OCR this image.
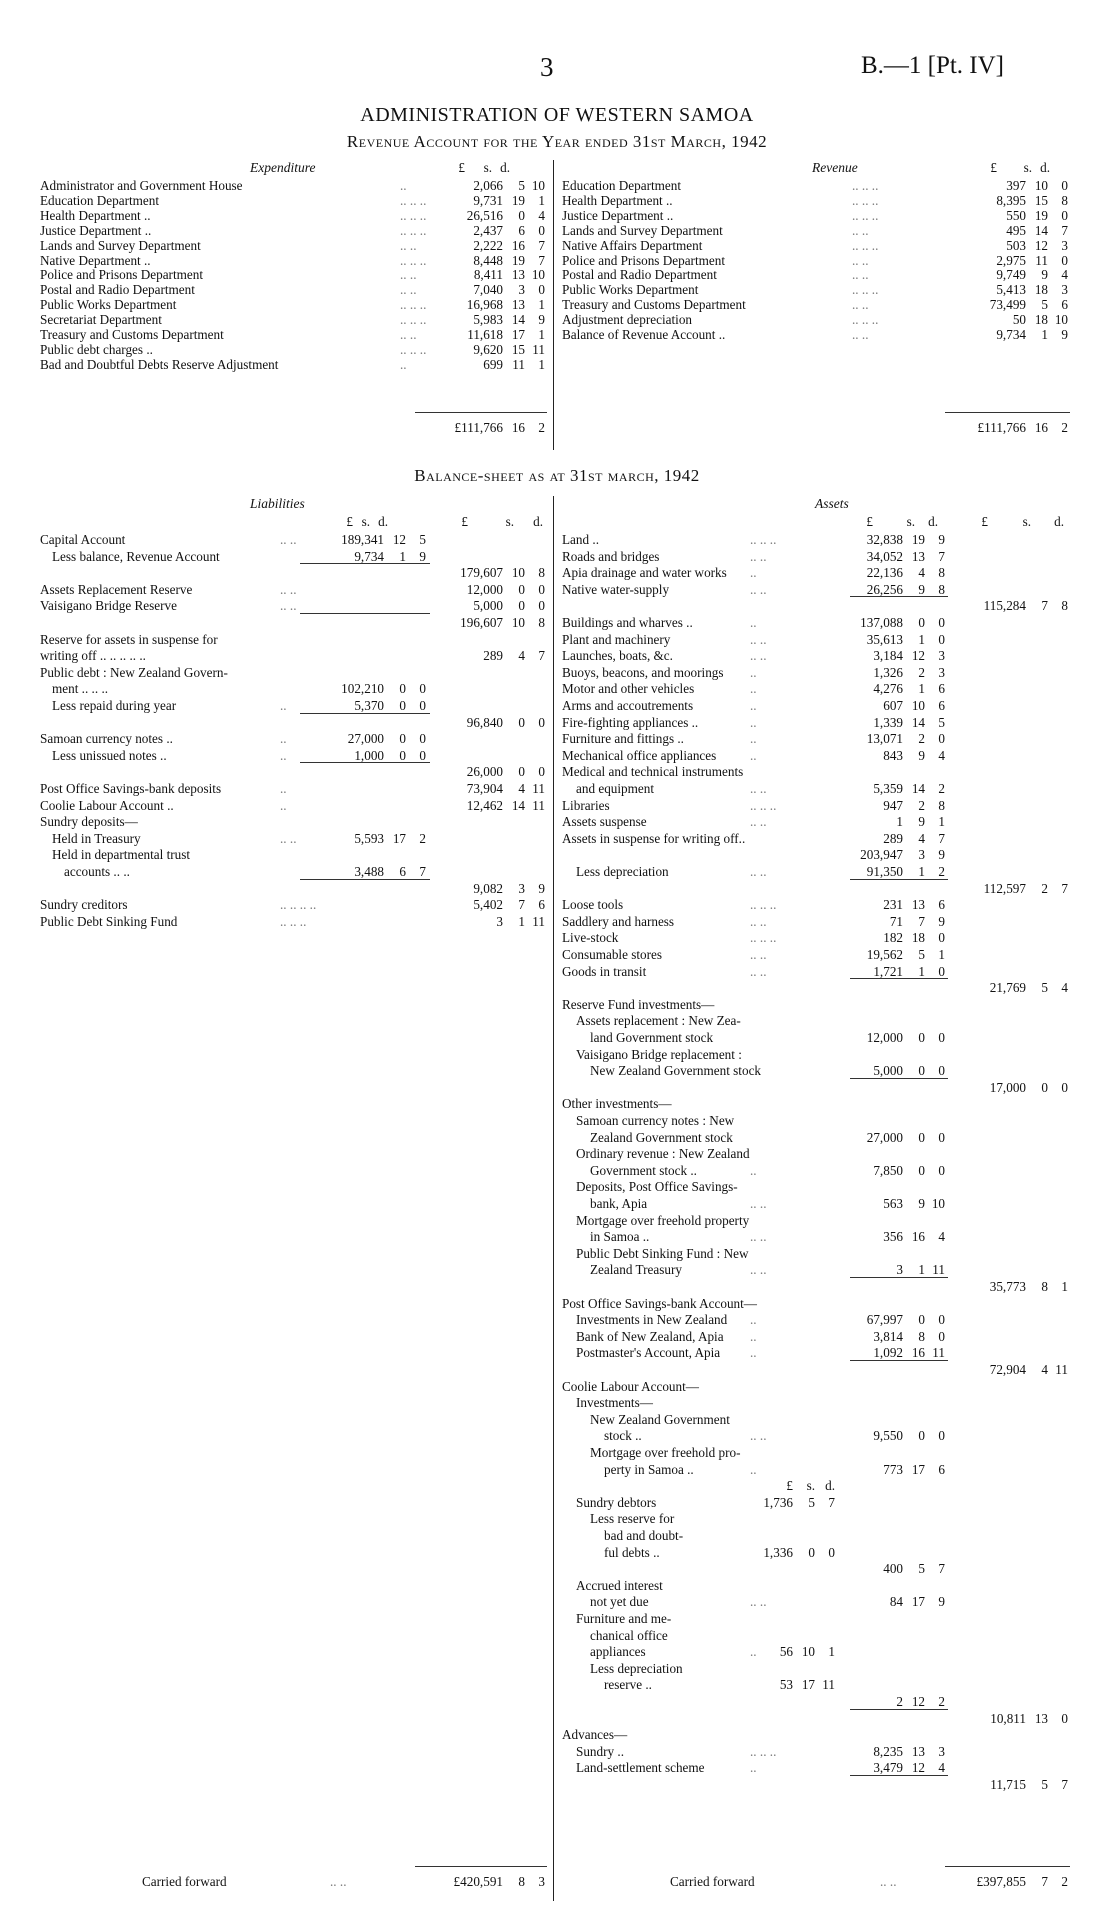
3	B.—1 [Pt. IV]
ADMINISTRATION OF WESTERN SAMOA
Revenue Account for the Year ended 31st March, 1942
Expenditure	Revenue
£ s. d.	£ s. d.
Administrator and Government House	..	2,066 5 10
Education Department	.. .. ..	9,731 19 1
Health Department ..	.. .. ..	26,516 0 4
Justice Department ..	.. .. ..	2,437 6 0
Lands and Survey Department	.. ..	2,222 16 7
Native Department ..	.. .. ..	8,448 19 7
Police and Prisons Department	.. ..	8,411 13 10
Postal and Radio Department	.. ..	7,040 3 0
Public Works Department	.. .. ..	16,968 13 1
Secretariat Department	.. .. ..	5,983 14 9
Treasury and Customs Department	.. ..	11,618 17 1
Public debt charges ..	.. .. ..	9,620 15 11
Bad and Doubtful Debts Reserve Adjustment	..	699 11 1
Education Department	.. .. ..	397 10 0
Health Department ..	.. .. ..	8,395 15 8
Justice Department ..	.. .. ..	550 19 0
Lands and Survey Department	.. ..	495 14 7
Native Affairs Department	.. .. ..	503 12 3
Police and Prisons Department	.. ..	2,975 11 0
Postal and Radio Department	.. ..	9,749 9 4
Public Works Department	.. .. ..	5,413 18 3
Treasury and Customs Department	.. ..	73,499 5 6
Adjustment depreciation	.. .. ..	50 18 10
Balance of Revenue Account ..	.. ..	9,734 1 9
£111,766 16 2	£111,766 16 2
Balance-sheet as at 31st march, 1942
Liabilities	Assets
£ s. d.	£	s. d.	£	s. d.	£	s. d.
Capital Account	.. ..	189,341 12 5
Less balance, Revenue Account	9,734 1 9
179,607 10 8
Assets Replacement Reserve	.. ..	12,000 0 0
Vaisigano Bridge Reserve	.. ..	5,000 0 0
196,607 10 8
Reserve for assets in suspense for
writing off .. .. .. .. ..	289 4 7
Public debt : New Zealand Govern-
ment .. .. ..	102,210 0 0
Less repaid during year	..	5,370 0 0
96,840 0 0
Samoan currency notes ..	..	27,000 0 0
Less unissued notes ..	..	1,000 0 0
26,000 0 0
Post Office Savings-bank deposits	..	73,904 4 11
Coolie Labour Account ..	..	12,462 14 11
Sundry deposits—
Held in Treasury	.. ..	5,593 17 2
Held in departmental trust
accounts .. ..	3,488 6 7
9,082 3 9
Sundry creditors	.. .. .. ..	5,402 7 6
Public Debt Sinking Fund	.. .. ..	3 1 11
Land ..	.. .. ..	32,838 19 9
Roads and bridges	.. ..	34,052 13 7
Apia drainage and water works ..	22,136 4 8
Native water-supply	.. ..	26,256 9 8
115,284 7 8
Buildings and wharves ..	..	137,088 0 0
Plant and machinery	.. ..	35,613 1 0
Launches, boats, &c.	.. ..	3,184 12 3
Buoys, beacons, and moorings ..	1,326 2 3
Motor and other vehicles	..	4,276 1 6
Arms and accoutrements	..	607 10 6
Fire-fighting appliances ..	..	1,339 14 5
Furniture and fittings ..	..	13,071 2 0
Mechanical office appliances	..	843 9 4
Medical and technical instruments
and equipment	.. ..	5,359 14 2
Libraries	.. .. ..	947 2 8
Assets suspense	.. ..	1 9 1
Assets in suspense for writing off..	289 4 7
203,947 3 9
Less depreciation	.. ..	91,350 1 2
112,597 2 7
Loose tools	.. .. ..	231 13 6
Saddlery and harness	.. ..	71 7 9
Live-stock	.. .. ..	182 18 0
Consumable stores	.. ..	19,562 5 1
Goods in transit	.. ..	1,721 1 0
21,769 5 4
Reserve Fund investments—
Assets replacement : New Zea-
land Government stock	12,000 0 0
Vaisigano Bridge replacement :
New Zealand Government stock	5,000 0 0
17,000 0 0
Other investments—
Samoan currency notes : New
Zealand Government stock	27,000 0 0
Ordinary revenue : New Zealand
Government stock ..	..	7,850 0 0
Deposits, Post Office Savings-
bank, Apia	.. ..	563 9 10
Mortgage over freehold property
in Samoa ..	.. ..	356 16 4
Public Debt Sinking Fund : New
Zealand Treasury	.. ..	3 1 11
35,773 8 1
Post Office Savings-bank Account—
Investments in New Zealand ..	67,997 0 0
Bank of New Zealand, Apia ..	3,814 8 0
Postmaster's Account, Apia ..	1,092 16 11
72,904 4 11
Coolie Labour Account—
Investments—
New Zealand Government
stock ..	.. ..	9,550 0 0
Mortgage over freehold pro-
perty in Samoa ..	..	773 17 6
£ s. d.
Sundry debtors	1,736 5 7
Less reserve for
bad and doubt-
ful debts ..	1,336 0 0
400 5 7
Accrued interest
not yet due	.. ..	84 17 9
Furniture and me-
chanical office
appliances	.. 56 10 1
Less depreciation
reserve ..	53 17 11
2 12 2
10,811 13 0
Advances—
Sundry ..	.. .. ..	8,235 13 3
Land-settlement scheme	..	3,479 12 4
11,715 5 7
Carried forward	.. ..	£420,591 8 3	Carried forward	.. ..	£397,855 7 2
